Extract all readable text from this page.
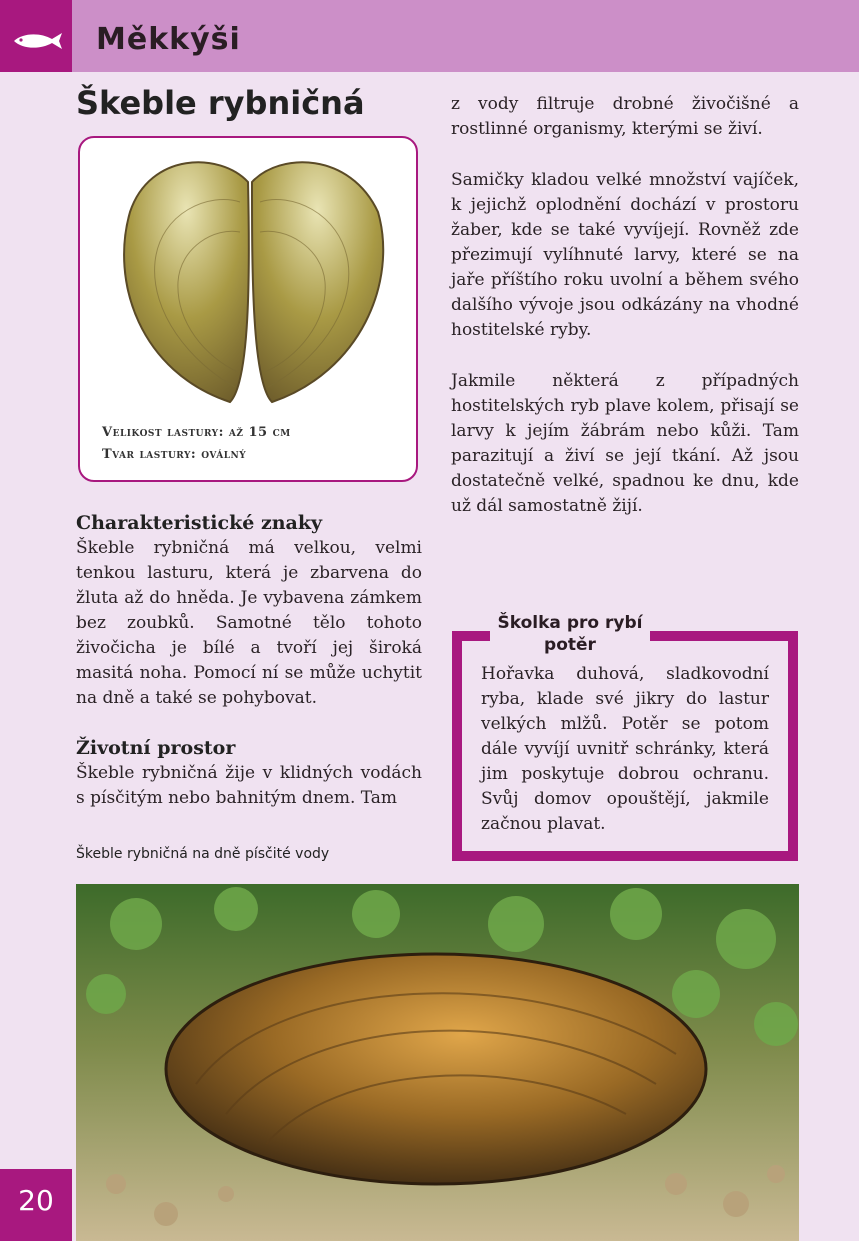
Měkkýši
Škeble rybničná
Velikost lastury: až 15 cm
Tvar lastury: oválný
Charakteristické znaky

Škeble rybničná má velkou, velmi tenkou lasturu, která je zbarvena do žluta až do hněda. Je vybavena zámkem bez zoubků. Samotné tělo tohoto živočicha je bílé a tvoří jej široká masitá noha. Pomocí ní se může uchytit na dně a také se pohybovat.

Životní prostor

Škeble rybničná žije v klidných vodách s písčitým nebo bahnitým dnem. Tam

z vody filtruje drobné živočišné a rostlinné organismy, kterými se živí.

Samičky kladou velké množství vajíček, k jejichž oplodnění dochází v prostoru žaber, kde se také vyvíjejí. Rovněž zde přezimují vylíhnuté larvy, které se na jaře příštího roku uvolní a během svého dalšího vývoje jsou odkázány na vhodné hostitelské ryby.

Jakmile některá z případných hostitelských ryb plave kolem, přisají se larvy k jejím žábrám nebo kůži. Tam parazitují a živí se její tkání. Až jsou dostatečně velké, spadnou ke dnu, kde už dál samostatně žijí.

Školka pro rybí potěr

Hořavka duhová, sladkovodní ryba, klade své jikry do lastur velkých mlžů. Potěr se potom dále vyvíjí uvnitř schránky, která jim poskytuje dobrou ochranu. Svůj domov opouštějí, jakmile začnou plavat.

Škeble rybničná na dně písčité vody
20
